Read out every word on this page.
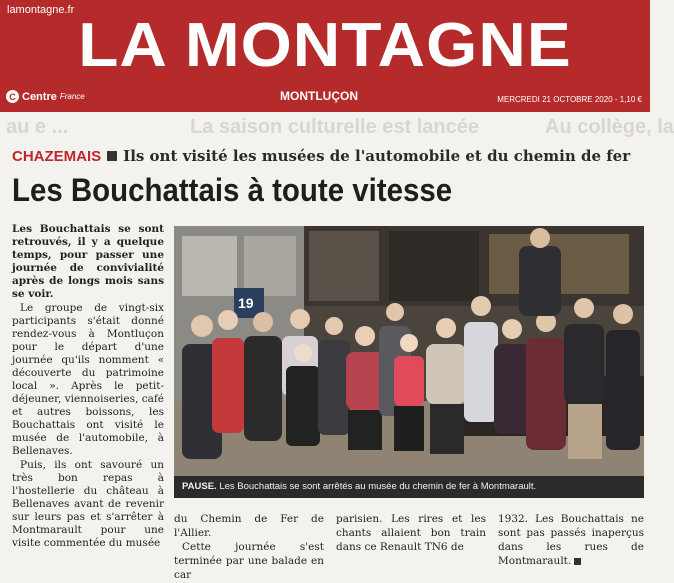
lamontagne.fr
LA MONTAGNE
C Centre France	MONTLUÇON	MERCREDI 21 OCTOBRE 2020 - 1,10 €
au e ...	La saison culturelle est lancée	Au collège, la
CHAZEMAIS Ils ont visité les musées de l'automobile et du chemin de fer
Les Bouchattais à toute vitesse

Les Bouchattais se sont retrouvés, il y a quelque temps, pour passer une journée de convivialité après de longs mois sans se voir.

Le groupe de vingt-six participants s'était donné rendez-vous à Montluçon pour le départ d'une journée qu'ils nomment « découverte du patrimoine local ». Après le petit-déjeuner, viennoiseries, café et autres boissons, les Bouchattais ont visité le musée de l'automobile, à Bellenaves.

Puis, ils ont savouré un très bon repas à l'hostellerie du château à Bellenaves avant de revenir sur leurs pas et s'arrêter à Montmarault pour une visite commentée du musée

19
PAUSE. Les Bouchattais se sont arrêtés au musée du chemin de fer à Montmarault.

du Chemin de Fer de l'Allier.

Cette journée s'est terminée par une balade en car

parisien. Les rires et les chants allaient bon train dans ce Renault TN6 de

1932. Les Bouchattais ne sont pas passés inaperçus dans les rues de Montmarault.
